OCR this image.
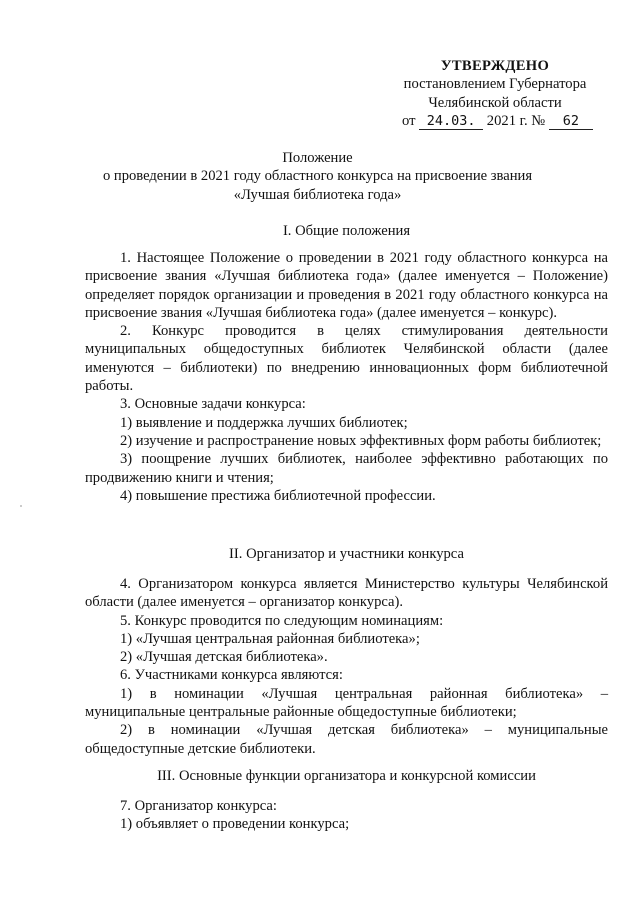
УТВЕРЖДЕНО
постановлением Губернатора
Челябинской области
от 24.03. 2021 г. № 62
Положение
о проведении в 2021 году областного конкурса на присвоение звания
«Лучшая библиотека года»
I. Общие положения

1. Настоящее Положение о проведении в 2021 году областного конкурса на присвоение звания «Лучшая библиотека года» (далее именуется – Положение) определяет порядок организации и проведения в 2021 году областного конкурса на присвоение звания «Лучшая библиотека года» (далее именуется – конкурс).

2. Конкурс проводится в целях стимулирования деятельности муниципальных общедоступных библиотек Челябинской области (далее именуются – библиотеки) по внедрению инновационных форм библиотечной работы.

3. Основные задачи конкурса:

1) выявление и поддержка лучших библиотек;

2) изучение и распространение новых эффективных форм работы библиотек;

3) поощрение лучших библиотек, наиболее эффективно работающих по продвижению книги и чтения;

4) повышение престижа библиотечной профессии.

II. Организатор и участники конкурса

4. Организатором конкурса является Министерство культуры Челябинской области (далее именуется – организатор конкурса).

5. Конкурс проводится по следующим номинациям:

1) «Лучшая центральная районная библиотека»;

2) «Лучшая детская библиотека».

6. Участниками конкурса являются:

1) в номинации «Лучшая центральная районная библиотека» – муниципальные центральные районные общедоступные библиотеки;

2) в номинации «Лучшая детская библиотека» – муниципальные общедоступные детские библиотеки.

III. Основные функции организатора и конкурсной комиссии

7. Организатор конкурса:

1) объявляет о проведении конкурса;
